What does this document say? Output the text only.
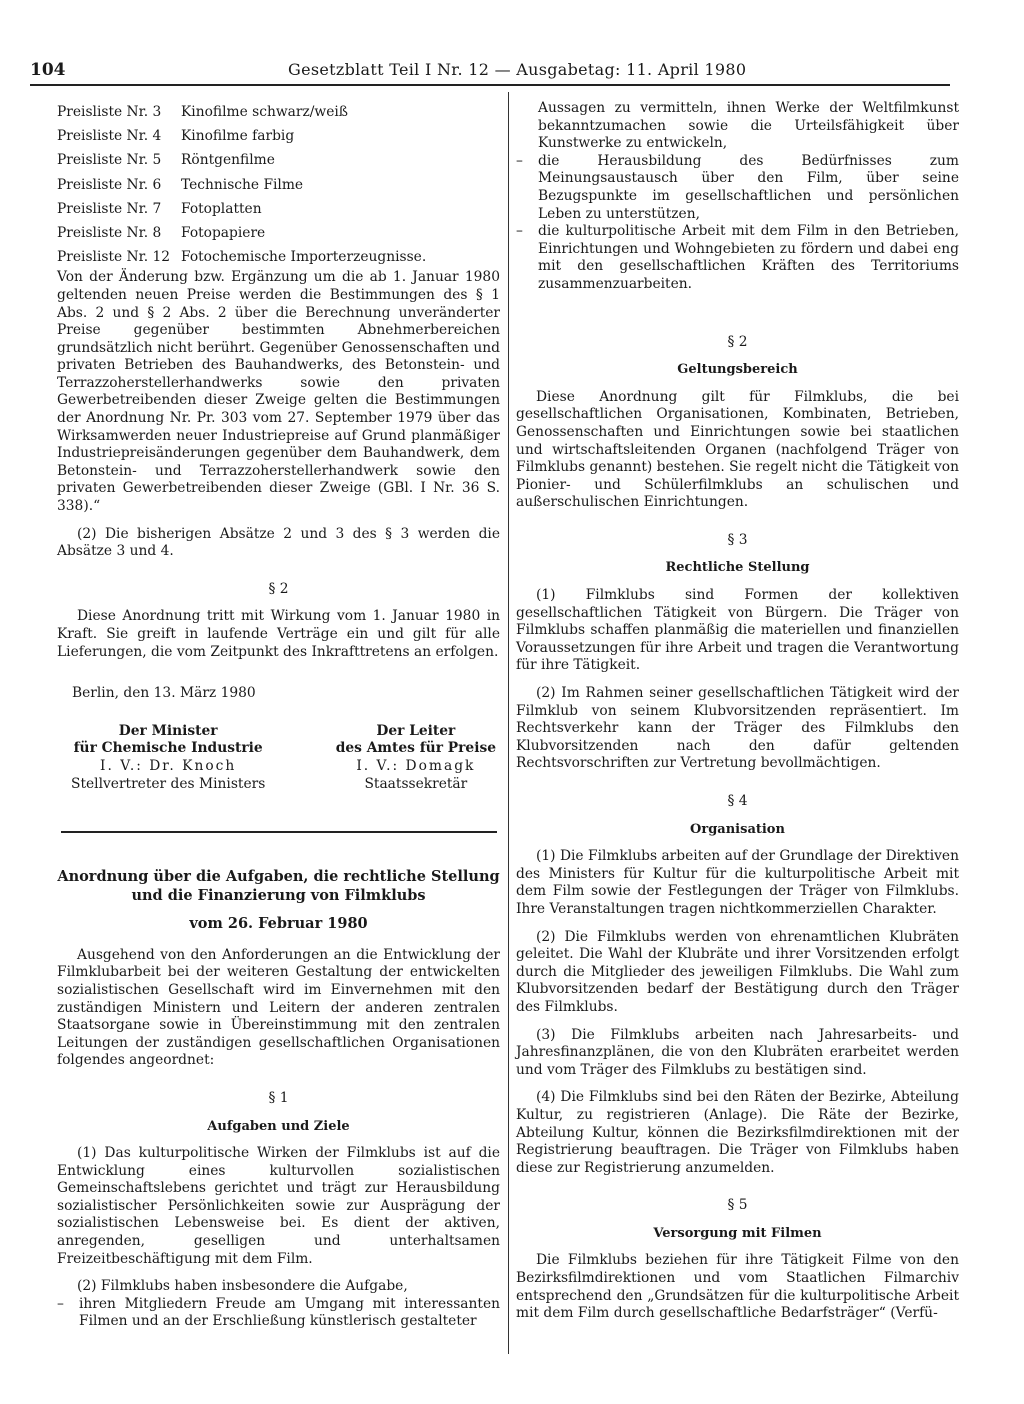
104	Gesetzblatt Teil I Nr. 12 — Ausgabetag: 11. April 1980
Preisliste Nr. 3	Kinofilme schwarz/weiß
Preisliste Nr. 4	Kinofilme farbig
Preisliste Nr. 5	Röntgenfilme
Preisliste Nr. 6	Technische Filme
Preisliste Nr. 7	Fotoplatten
Preisliste Nr. 8	Fotopapiere
Preisliste Nr. 12 Fotochemische Importerzeugnisse.

Von der Änderung bzw. Ergänzung um die ab 1. Januar 1980 geltenden neuen Preise werden die Bestimmungen des § 1 Abs. 2 und § 2 Abs. 2 über die Berechnung unveränderter Preise gegenüber bestimmten Abnehmerbereichen grundsätzlich nicht berührt. Gegenüber Genossenschaften und privaten Betrieben des Bauhandwerks, des Betonstein- und Terrazzoherstellerhandwerks sowie den privaten Gewerbetreibenden dieser Zweige gelten die Bestimmungen der Anordnung Nr. Pr. 303 vom 27. September 1979 über das Wirksamwerden neuer Industriepreise auf Grund planmäßiger Industriepreisänderungen gegenüber dem Bauhandwerk, dem Betonstein- und Terrazzoherstellerhandwerk sowie den privaten Gewerbetreibenden dieser Zweige (GBl. I Nr. 36 S. 338).“

(2) Die bisherigen Absätze 2 und 3 des § 3 werden die Absätze 3 und 4.

§ 2

Diese Anordnung tritt mit Wirkung vom 1. Januar 1980 in Kraft. Sie greift in laufende Verträge ein und gilt für alle Lieferungen, die vom Zeitpunkt des Inkrafttretens an erfolgen.

Berlin, den 13. März 1980
Der Minister
für Chemische Industrie
I. V.: Dr. Knoch
Stellvertreter des Ministers
Der Leiter
des Amtes für Preise
I. V.: Domagk
Staatssekretär
Anordnung über die Aufgaben, die rechtliche Stellung und die Finanzierung von Filmklubs
vom 26. Februar 1980

Ausgehend von den Anforderungen an die Entwicklung der Filmklubarbeit bei der weiteren Gestaltung der entwickelten sozialistischen Gesellschaft wird im Einvernehmen mit den zuständigen Ministern und Leitern der anderen zentralen Staatsorgane sowie in Übereinstimmung mit den zentralen Leitungen der zuständigen gesellschaftlichen Organisationen folgendes angeordnet:

§ 1
Aufgaben und Ziele

(1) Das kulturpolitische Wirken der Filmklubs ist auf die Entwicklung eines kulturvollen sozialistischen Gemeinschaftslebens gerichtet und trägt zur Herausbildung sozialistischer Persönlichkeiten sowie zur Ausprägung der sozialistischen Lebensweise bei. Es dient der aktiven, anregenden, geselligen und unterhaltsamen Freizeitbeschäftigung mit dem Film.

(2) Filmklubs haben insbesondere die Aufgabe,

–	ihren Mitgliedern Freude am Umgang mit interessanten Filmen und an der Erschließung künstlerisch gestalteter

Aussagen zu vermitteln, ihnen Werke der Weltfilmkunst bekanntzumachen sowie die Urteilsfähigkeit über Kunstwerke zu entwickeln,

–	die Herausbildung des Bedürfnisses zum Meinungsaustausch über den Film, über seine Bezugspunkte im gesellschaftlichen und persönlichen Leben zu unterstützen,
–	die kulturpolitische Arbeit mit dem Film in den Betrieben, Einrichtungen und Wohngebieten zu fördern und dabei eng mit den gesellschaftlichen Kräften des Territoriums zusammenzuarbeiten.
§ 2
Geltungsbereich

Diese Anordnung gilt für Filmklubs, die bei gesellschaftlichen Organisationen, Kombinaten, Betrieben, Genossenschaften und Einrichtungen sowie bei staatlichen und wirtschaftsleitenden Organen (nachfolgend Träger von Filmklubs genannt) bestehen. Sie regelt nicht die Tätigkeit von Pionier- und Schülerfilmklubs an schulischen und außerschulischen Einrichtungen.

§ 3
Rechtliche Stellung

(1) Filmklubs sind Formen der kollektiven gesellschaftlichen Tätigkeit von Bürgern. Die Träger von Filmklubs schaffen planmäßig die materiellen und finanziellen Voraussetzungen für ihre Arbeit und tragen die Verantwortung für ihre Tätigkeit.

(2) Im Rahmen seiner gesellschaftlichen Tätigkeit wird der Filmklub von seinem Klubvorsitzenden repräsentiert. Im Rechtsverkehr kann der Träger des Filmklubs den Klubvorsitzenden nach den dafür geltenden Rechtsvorschriften zur Vertretung bevollmächtigen.

§ 4
Organisation

(1) Die Filmklubs arbeiten auf der Grundlage der Direktiven des Ministers für Kultur für die kulturpolitische Arbeit mit dem Film sowie der Festlegungen der Träger von Filmklubs. Ihre Veranstaltungen tragen nichtkommerziellen Charakter.

(2) Die Filmklubs werden von ehrenamtlichen Klubräten geleitet. Die Wahl der Klubräte und ihrer Vorsitzenden erfolgt durch die Mitglieder des jeweiligen Filmklubs. Die Wahl zum Klubvorsitzenden bedarf der Bestätigung durch den Träger des Filmklubs.

(3) Die Filmklubs arbeiten nach Jahresarbeits- und Jahresfinanzplänen, die von den Klubräten erarbeitet werden und vom Träger des Filmklubs zu bestätigen sind.

(4) Die Filmklubs sind bei den Räten der Bezirke, Abteilung Kultur, zu registrieren (Anlage). Die Räte der Bezirke, Abteilung Kultur, können die Bezirksfilmdirektionen mit der Registrierung beauftragen. Die Träger von Filmklubs haben diese zur Registrierung anzumelden.

§ 5
Versorgung mit Filmen

Die Filmklubs beziehen für ihre Tätigkeit Filme von den Bezirksfilmdirektionen und vom Staatlichen Filmarchiv entsprechend den „Grundsätzen für die kulturpolitische Arbeit mit dem Film durch gesellschaftliche Bedarfsträger“ (Verfü-
